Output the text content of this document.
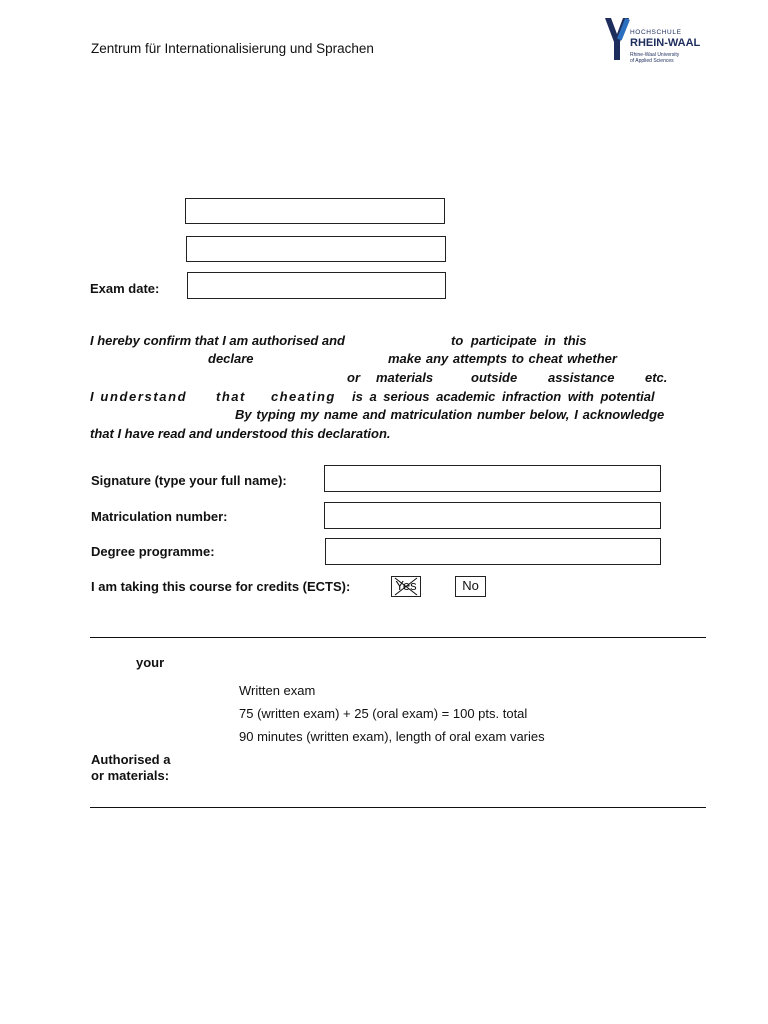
Zentrum für Internationalisierung und Sprachen
HOCHSCHULE
RHEIN-WAAL
Rhine-Waal University
of Applied Sciences
Exam date:
I hereby confirm that I am authorised and	to participate in this
declare	make any attempts to cheat whether
or materials	outside assistance etc.
I understand that cheating is a serious academic infraction with potential
By typing my name and matriculation number below, I acknowledge
that I have read and understood this declaration.
Signature (type your full name):
Matriculation number:
Degree programme:
I am taking this course for credits (ECTS):	Yes	No
your
Written exam
75 (written exam) + 25 (oral exam) = 100 pts. total
90 minutes (written exam), length of oral exam varies
Authorised a
or materials:
